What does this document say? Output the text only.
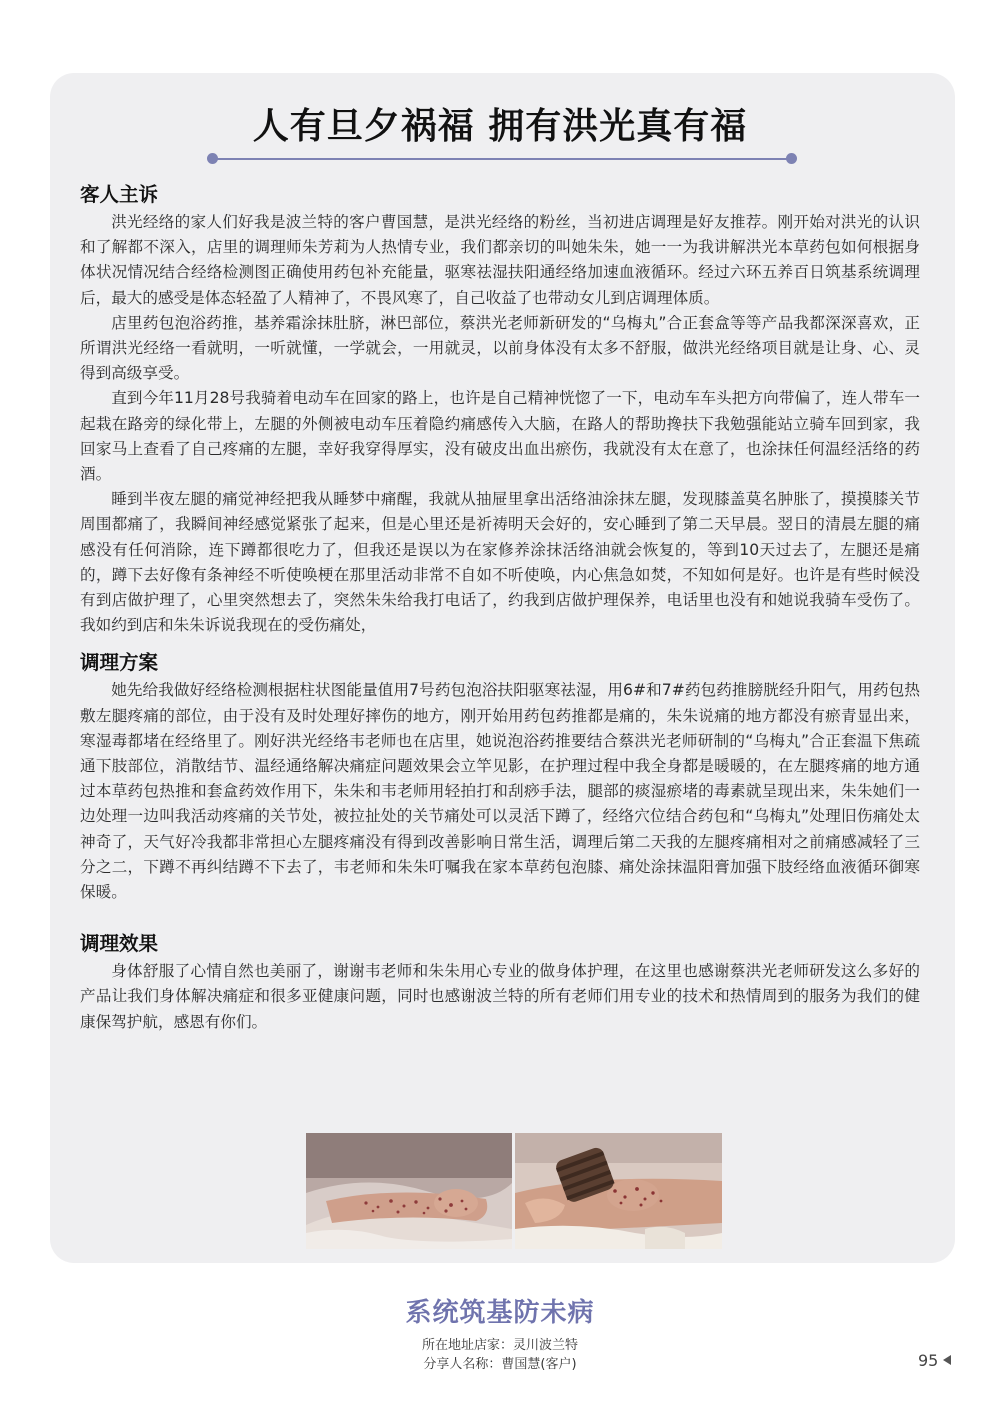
人有旦夕祸福 拥有洪光真有福
客人主诉

洪光经络的家人们好我是波兰特的客户曹国慧，是洪光经络的粉丝，当初进店调理是好友推荐。刚开始对洪光的认识和了解都不深入，店里的调理师朱芳莉为人热情专业，我们都亲切的叫她朱朱，她一一为我讲解洪光本草药包如何根据身体状况情况结合经络检测图正确使用药包补充能量，驱寒祛湿扶阳通经络加速血液循环。经过六环五养百日筑基系统调理后，最大的感受是体态轻盈了人精神了，不畏风寒了，自己收益了也带动女儿到店调理体质。

店里药包泡浴药推，基养霜涂抹肚脐，淋巴部位，蔡洪光老师新研发的“乌梅丸”合正套盒等等产品我都深深喜欢，正所谓洪光经络一看就明，一听就懂，一学就会，一用就灵，以前身体没有太多不舒服，做洪光经络项目就是让身、心、灵得到高级享受。

直到今年11月28号我骑着电动车在回家的路上，也许是自己精神恍惚了一下，电动车车头把方向带偏了，连人带车一起栽在路旁的绿化带上，左腿的外侧被电动车压着隐约痛感传入大脑，在路人的帮助搀扶下我勉强能站立骑车回到家，我回家马上查看了自己疼痛的左腿，幸好我穿得厚实，没有破皮出血出瘀伤，我就没有太在意了，也涂抹任何温经活络的药酒。

睡到半夜左腿的痛觉神经把我从睡梦中痛醒，我就从抽屉里拿出活络油涂抹左腿，发现膝盖莫名肿胀了，摸摸膝关节周围都痛了，我瞬间神经感觉紧张了起来，但是心里还是祈祷明天会好的，安心睡到了第二天早晨。翌日的清晨左腿的痛感没有任何消除，连下蹲都很吃力了，但我还是误以为在家修养涂抹活络油就会恢复的，等到10天过去了，左腿还是痛的，蹲下去好像有条神经不听使唤梗在那里活动非常不自如不听使唤，内心焦急如焚，不知如何是好。也许是有些时候没有到店做护理了，心里突然想去了，突然朱朱给我打电话了，约我到店做护理保养，电话里也没有和她说我骑车受伤了。我如约到店和朱朱诉说我现在的受伤痛处，

调理方案

她先给我做好经络检测根据柱状图能量值用7号药包泡浴扶阳驱寒祛湿，用6#和7#药包药推膀胱经升阳气，用药包热敷左腿疼痛的部位，由于没有及时处理好摔伤的地方，刚开始用药包药推都是痛的，朱朱说痛的地方都没有瘀青显出来，寒湿毒都堵在经络里了。刚好洪光经络韦老师也在店里，她说泡浴药推要结合蔡洪光老师研制的“乌梅丸”合正套温下焦疏通下肢部位，消散结节、温经通络解决痛症问题效果会立竿见影，在护理过程中我全身都是暖暖的，在左腿疼痛的地方通过本草药包热推和套盒药效作用下，朱朱和韦老师用轻拍打和刮痧手法，腿部的痰湿瘀堵的毒素就呈现出来，朱朱她们一边处理一边叫我活动疼痛的关节处，被拉扯处的关节痛处可以灵活下蹲了，经络穴位结合药包和“乌梅丸”处理旧伤痛处太神奇了，天气好冷我都非常担心左腿疼痛没有得到改善影响日常生活，调理后第二天我的左腿疼痛相对之前痛感减轻了三分之二，下蹲不再纠结蹲不下去了，韦老师和朱朱叮嘱我在家本草药包泡膝、痛处涂抹温阳膏加强下肢经络血液循环御寒保暖。

调理效果

身体舒服了心情自然也美丽了，谢谢韦老师和朱朱用心专业的做身体护理，在这里也感谢蔡洪光老师研发这么多好的产品让我们身体解决痛症和很多亚健康问题，同时也感谢波兰特的所有老师们用专业的技术和热情周到的服务为我们的健康保驾护航，感恩有你们。

系统筑基防未病
所在地址店家：灵川波兰特
分享人名称：曹国慧(客户)	95
